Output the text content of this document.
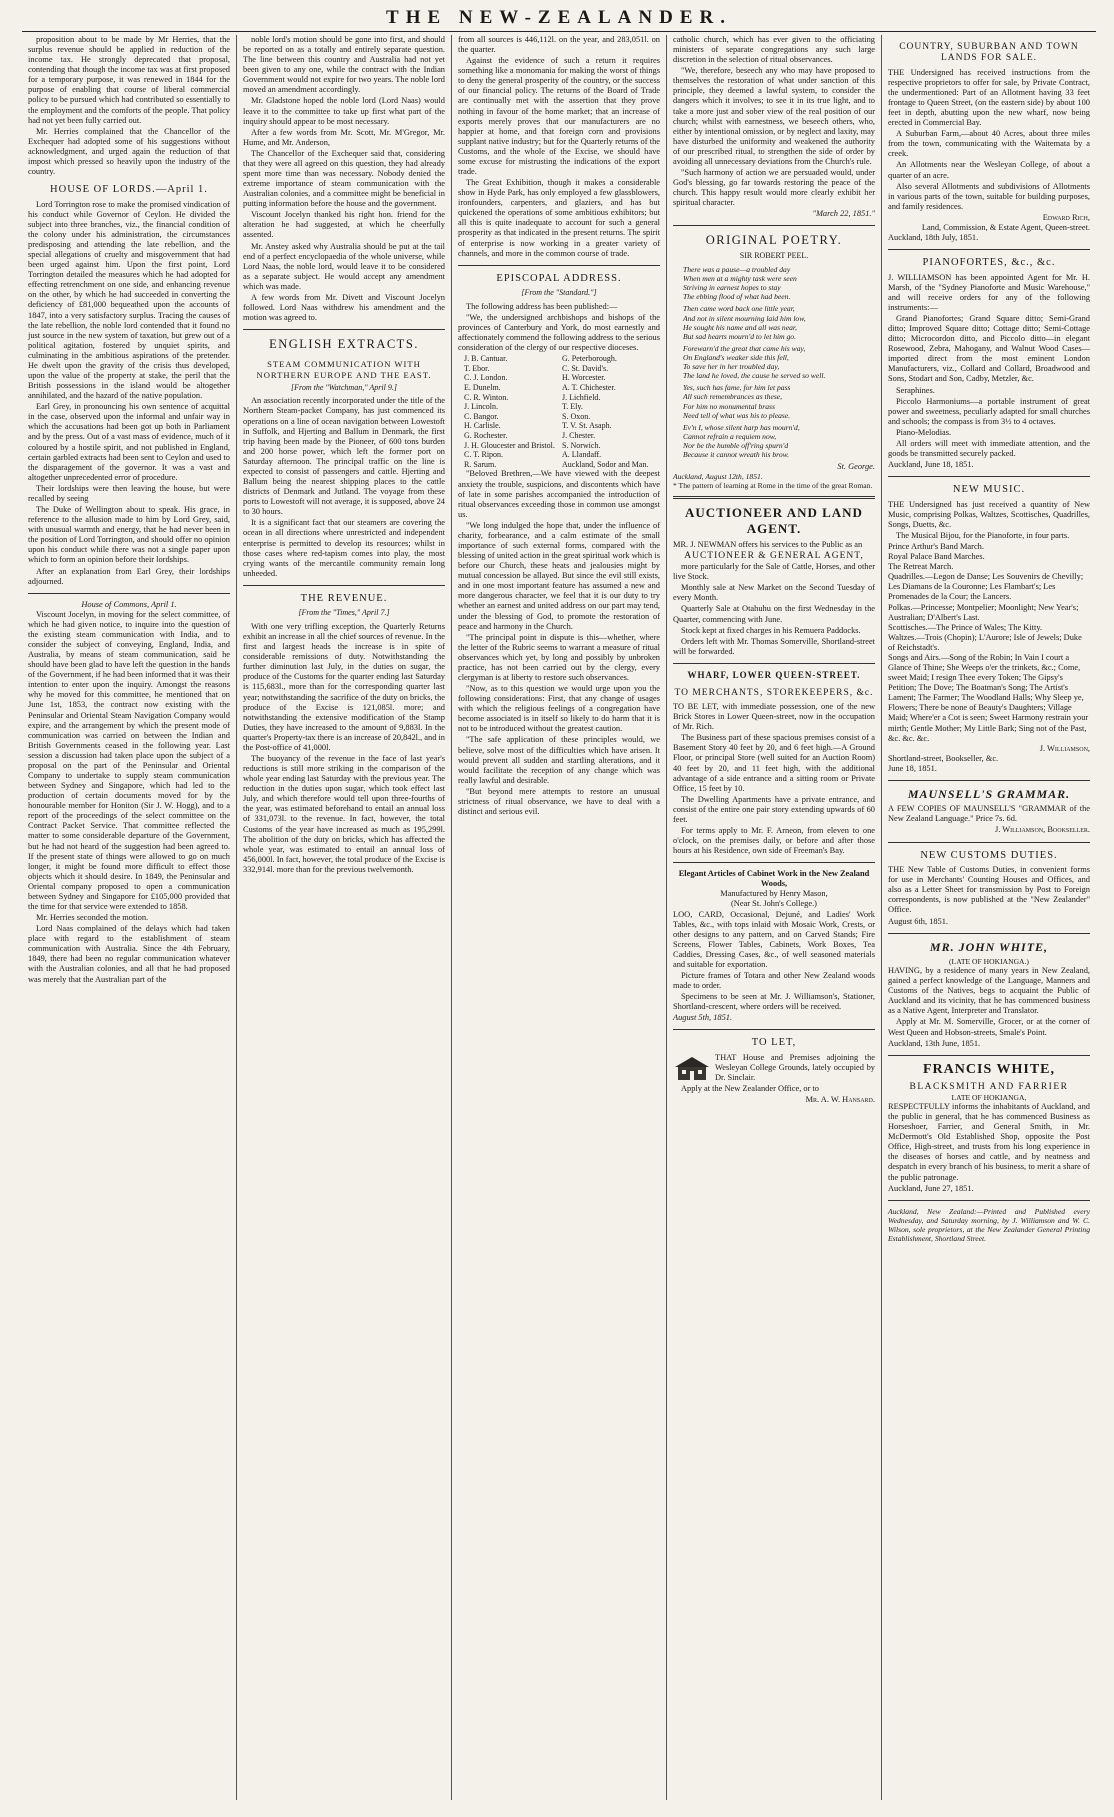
THE NEW-ZEALANDER.

proposition about to be made by Mr Herries, that the surplus revenue should be applied in reduction of the income tax. He strongly deprecated that proposal, contending that though the income tax was at first proposed for a temporary purpose, it was renewed in 1844 for the purpose of enabling that course of liberal commercial policy to be pursued which had contributed so essentially to the employment and the comforts of the people. That policy had not yet been fully carried out.

Mr. Herries complained that the Chancellor of the Exchequer had adopted some of his suggestions without acknowledgment, and urged again the reduction of that impost which pressed so heavily upon the industry of the country.

HOUSE OF LORDS.—April 1.

Lord Torrington rose to make the promised vindication of his conduct while Governor of Ceylon. He divided the subject into three branches, viz., the financial condition of the colony under his administration, the circumstances predisposing and attending the late rebellion, and the special allegations of cruelty and misgovernment that had been urged against him. Upon the first point, Lord Torrington detailed the measures which he had adopted for effecting retrenchment on one side, and enhancing revenue on the other, by which he had succeeded in converting the deficiency of £81,000 bequeathed upon the accounts of 1847, into a very satisfactory surplus. Tracing the causes of the late rebellion, the noble lord contended that it found no just source in the new system of taxation, but grew out of a political agitation, fostered by unquiet spirits, and culminating in the ambitious aspirations of the pretender. He dwelt upon the gravity of the crisis thus developed, upon the value of the property at stake, the peril that the British possessions in the island would be altogether annihilated, and the hazard of the native population.

Earl Grey, in pronouncing his own sentence of acquittal in the case, observed upon the informal and unfair way in which the accusations had been got up both in Parliament and by the press. Out of a vast mass of evidence, much of it coloured by a hostile spirit, and not published in England, certain garbled extracts had been sent to Ceylon and used to the disparagement of the governor. It was a vast and altogether unprecedented error of procedure.

Their lordships were then leaving the house, but were recalled by seeing

The Duke of Wellington about to speak. His grace, in reference to the allusion made to him by Lord Grey, said, with unusual warmth and energy, that he had never been in the position of Lord Torrington, and should offer no opinion upon his conduct while there was not a single paper upon which to form an opinion before their lordships.

After an explanation from Earl Grey, their lordships adjourned.

House of Commons, April 1.

Viscount Jocelyn, in moving for the select committee, of which he had given notice, to inquire into the question of the existing steam communication with India, and to consider the subject of conveying, England, India, and Australia, by means of steam communication, said he should have been glad to have left the question in the hands of the Government, if he had been informed that it was their intention to enter upon the inquiry. Amongst the reasons why he moved for this committee, he mentioned that on June 1st, 1853, the contract now existing with the Peninsular and Oriental Steam Navigation Company would expire, and the arrangement by which the present mode of communication was carried on between the Indian and British Governments ceased in the following year. Last session a discussion had taken place upon the subject of a proposal on the part of the Peninsular and Oriental Company to undertake to supply steam communication between Sydney and Singapore, which had led to the production of certain documents moved for by the honourable member for Honiton (Sir J. W. Hogg), and to a report of the proceedings of the select committee on the Contract Packet Service. That committee reflected the matter to some considerable departure of the Government, but he had not heard of the suggestion had been agreed to. If the present state of things were allowed to go on much longer, it might be found more difficult to effect those objects which it should desire. In 1849, the Peninsular and Oriental company proposed to open a communication between Sydney and Singapore for £105,000 provided that the time for that service were extended to 1858.

Mr. Herries seconded the motion.

Lord Naas complained of the delays which had taken place with regard to the establishment of steam communication with Australia. Since the 4th February, 1849, there had been no regular communication whatever with the Australian colonies, and all that he had proposed was merely that the Australian part of the

noble lord's motion should be gone into first, and should be reported on as a totally and entirely separate question. The line between this country and Australia had not yet been given to any one, while the contract with the Indian Government would not expire for two years. The noble lord moved an amendment accordingly.

Mr. Gladstone hoped the noble lord (Lord Naas) would leave it to the committee to take up first what part of the inquiry should appear to be most necessary.

After a few words from Mr. Scott, Mr. M'Gregor, Mr. Hume, and Mr. Anderson,

The Chancellor of the Exchequer said that, considering that they were all agreed on this question, they had already spent more time than was necessary. Nobody denied the extreme importance of steam communication with the Australian colonies, and a committee might be beneficial in putting information before the house and the government.

Viscount Jocelyn thanked his right hon. friend for the alteration he had suggested, at which he cheerfully assented.

Mr. Anstey asked why Australia should be put at the tail end of a perfect encyclopaedia of the whole universe, while Lord Naas, the noble lord, would leave it to be considered as a separate subject. He would accept any amendment which was made.

A few words from Mr. Divett and Viscount Jocelyn followed. Lord Naas withdrew his amendment and the motion was agreed to.

ENGLISH EXTRACTS.
STEAM COMMUNICATION WITH NORTHERN EUROPE AND THE EAST.
[From the "Watchman," April 9.]

An association recently incorporated under the title of the Northern Steam-packet Company, has just commenced its operations on a line of ocean navigation between Lowestoft in Suffolk, and Hjerting and Ballum in Denmark, the first trip having been made by the Pioneer, of 600 tons burden and 200 horse power, which left the former port on Saturday afternoon. The principal traffic on the line is expected to consist of passengers and cattle. Hjerting and Ballum being the nearest shipping places to the cattle districts of Denmark and Jutland. The voyage from these ports to Lowestoft will not average, it is supposed, above 24 to 30 hours.

It is a significant fact that our steamers are covering the ocean in all directions where unrestricted and independent enterprise is permitted to develop its resources; whilst in those cases where red-tapism comes into play, the most crying wants of the mercantile community remain long unheeded.

THE REVENUE.
[From the "Times," April 7.]

With one very trifling exception, the Quarterly Returns exhibit an increase in all the chief sources of revenue. In the first and largest heads the increase is in spite of considerable remissions of duty. Notwithstanding the further diminution last July, in the duties on sugar, the produce of the Customs for the quarter ending last Saturday is 115,683l., more than for the corresponding quarter last year; notwithstanding the sacrifice of the duty on bricks, the produce of the Excise is 121,085l. more; and notwithstanding the extensive modification of the Stamp Duties, they have increased to the amount of 9,883l. In the quarter's Property-tax there is an increase of 20,842l., and in the Post-office of 41,000l.

The buoyancy of the revenue in the face of last year's reductions is still more striking in the comparison of the whole year ending last Saturday with the previous year. The reduction in the duties upon sugar, which took effect last July, and which therefore would tell upon three-fourths of the year, was estimated beforehand to entail an annual loss of 331,073l. to the revenue. In fact, however, the total Customs of the year have increased as much as 195,299l. The abolition of the duty on bricks, which has affected the whole year, was estimated to entail an annual loss of 456,000l. In fact, however, the total produce of the Excise is 332,914l. more than for the previous twelvemonth.

from all sources is 446,112l. on the year, and 283,051l. on the quarter.

Against the evidence of such a return it requires something like a monomania for making the worst of things to deny the general prosperity of the country, or the success of our financial policy. The returns of the Board of Trade are continually met with the assertion that they prove nothing in favour of the home market; that an increase of exports merely proves that our manufacturers are no happier at home, and that foreign corn and provisions supplant native industry; but for the Quarterly returns of the Customs, and the whole of the Excise, we should have some excuse for mistrusting the indications of the export trade.

The Great Exhibition, though it makes a considerable show in Hyde Park, has only employed a few glassblowers, ironfounders, carpenters, and glaziers, and has but quickened the operations of some ambitious exhibitors; but all this is quite inadequate to account for such a general prosperity as that indicated in the present returns. The spirit of enterprise is now working in a greater variety of channels, and more in the common course of trade.

EPISCOPAL ADDRESS.
[From the "Standard."]

The following address has been published:—

"We, the undersigned archbishops and bishops of the provinces of Canterbury and York, do most earnestly and affectionately commend the following address to the serious consideration of the clergy of our respective dioceses.

J. B. Cantuar.
T. Ebor.
C. J. London.
E. Dunelm.
C. R. Winton.
J. Lincoln.
C. Bangor.
H. Carlisle.
G. Rochester.
J. H. Gloucester and Bristol.
C. T. Ripon.
R. Sarum.
G. Peterborough.
C. St. David's.
H. Worcester.
A. T. Chichester.
J. Lichfield.
T. Ely.
S. Oxon.
T. V. St. Asaph.
J. Chester.
S. Norwich.
A. Llandaff.
Auckland, Sodor and Man.

"Beloved Brethren,—We have viewed with the deepest anxiety the trouble, suspicions, and discontents which have of late in some parishes accompanied the introduction of ritual observances exceeding those in common use amongst us.

"We long indulged the hope that, under the influence of charity, forbearance, and a calm estimate of the small importance of such external forms, compared with the blessing of united action in the great spiritual work which is before our Church, these heats and jealousies might by mutual concession be allayed. But since the evil still exists, and in one most important feature has assumed a new and more dangerous character, we feel that it is our duty to try whether an earnest and united address on our part may tend, under the blessing of God, to promote the restoration of peace and harmony in the Church.

"The principal point in dispute is this—whether, where the letter of the Rubric seems to warrant a measure of ritual observances which yet, by long and possibly by unbroken practice, has not been carried out by the clergy, every clergyman is at liberty to restore such observances.

"Now, as to this question we would urge upon you the following considerations: First, that any change of usages with which the religious feelings of a congregation have become associated is in itself so likely to do harm that it is not to be introduced without the greatest caution.

"The safe application of these principles would, we believe, solve most of the difficulties which have arisen. It would prevent all sudden and startling alterations, and it would facilitate the reception of any change which was really lawful and desirable.

"But beyond mere attempts to restore an unusual strictness of ritual observance, we have to deal with a distinct and serious evil.

catholic church, which has ever given to the officiating ministers of separate congregations any such large discretion in the selection of ritual observances.

"We, therefore, beseech any who may have proposed to themselves the restoration of what under sanction of this principle, they deemed a lawful system, to consider the dangers which it involves; to see it in its true light, and to take a more just and sober view of the real position of our church; whilst with earnestness, we beseech others, who, either by intentional omission, or by neglect and laxity, may have disturbed the uniformity and weakened the authority of our prescribed ritual, to strengthen the side of order by avoiding all unnecessary deviations from the Church's rule.

"Such harmony of action we are persuaded would, under God's blessing, go far towards restoring the peace of the church. This happy result would more clearly exhibit her spiritual character.

"March 22, 1851."
ORIGINAL POETRY.
SIR ROBERT PEEL.
There was a pause—a troubled day
When men at a mighty task were seen
Striving in earnest hopes to stay
The ebbing flood of what had been.
Then came word back one little year,
And not in silent mourning laid him low,
He sought his name and all was near,
But sad hearts mourn'd to let him go.
Forewarn'd the great that came his way,
On England's weaker side this fell,
To save her in her troubled day,
The land he loved, the cause he served so well.
Yes, such has fame, for him let pass
All such remembrances as these,
For him no monumental brass
Need tell of what was his to please.
Ev'n I, whose silent harp has mourn'd,
Cannot refrain a requiem now,
Nor be the humble off'ring spurn'd
Because it cannot wreath his brow.
St. George.
Auckland, August 12th, 1851.
* The pattern of learning at Rome in the time of the great Roman.
AUCTIONEER AND LAND AGENT.

MR. J. NEWMAN offers his services to the Public as an

AUCTIONEER & GENERAL AGENT,

more particularly for the Sale of Cattle, Horses, and other live Stock.

Monthly sale at New Market on the Second Tuesday of every Month.

Quarterly Sale at Otahuhu on the first Wednesday in the Quarter, commencing with June.

Stock kept at fixed charges in his Remuera Paddocks.

Orders left with Mr. Thomas Somerville, Shortland-street will be forwarded.

WHARF, LOWER QUEEN-STREET.
TO MERCHANTS, STOREKEEPERS, &c.

TO BE LET, with immediate possession, one of the new Brick Stores in Lower Queen-street, now in the occupation of Mr. Rich.

The Business part of these spacious premises consist of a Basement Story 40 feet by 20, and 6 feet high.—A Ground Floor, or principal Store (well suited for an Auction Room) 40 feet by 20, and 11 feet high, with the additional advantage of a side entrance and a sitting room or Private Office, 15 feet by 10.

The Dwelling Apartments have a private entrance, and consist of the entire one pair story extending upwards of 60 feet.

For terms apply to Mr. F. Arneon, from eleven to one o'clock, on the premises daily, or before and after those hours at his Residence, own side of Freeman's Bay.

Elegant Articles of Cabinet Work in the New Zealand Woods,
Manufactured by Henry Mason,
(Near St. John's College.)

LOO, CARD, Occasional, Dejuné, and Ladies' Work Tables, &c., with tops inlaid with Mosaic Work, Crests, or other designs to any pattern, and on Carved Stands; Fire Screens, Flower Tables, Cabinets, Work Boxes, Tea Caddies, Dressing Cases, &c., of well seasoned materials and suitable for exportation.

Picture frames of Totara and other New Zealand woods made to order.

Specimens to be seen at Mr. J. Williamson's, Stationer, Shortland-crescent, where orders will be received.

August 5th, 1851.
TO LET,

THAT House and Premises adjoining the Wesleyan College Grounds, lately occupied by Dr. Sinclair.

Apply at the New Zealander Office, or to

Mr. A. W. Hansard.
COUNTRY, SUBURBAN AND TOWN LANDS FOR SALE.

THE Undersigned has received instructions from the respective proprietors to offer for sale, by Private Contract, the undermentioned: Part of an Allotment having 33 feet frontage to Queen Street, (on the eastern side) by about 100 feet in depth, abutting upon the new wharf, now being erected in Commercial Bay.

A Suburban Farm,—about 40 Acres, about three miles from the town, communicating with the Waitemata by a creek.

An Allotments near the Wesleyan College, of about a quarter of an acre.

Also several Allotments and subdivisions of Allotments in various parts of the town, suitable for building purposes, and family residences.

Edward Rich,
Land, Commission, & Estate Agent, Queen-street.
Auckland, 18th July, 1851.
PIANOFORTES, &c., &c.

J. WILLIAMSON has been appointed Agent for Mr. H. Marsh, of the "Sydney Pianoforte and Music Warehouse," and will receive orders for any of the following instruments:—

Grand Pianofortes; Grand Square ditto; Semi-Grand ditto; Improved Square ditto; Cottage ditto; Semi-Cottage ditto; Microcordon ditto, and Piccolo ditto—in elegant Rosewood, Zebra, Mahogany, and Walnut Wood Cases—imported direct from the most eminent London Manufacturers, viz., Collard and Collard, Broadwood and Sons, Stodart and Son, Cadby, Metzler, &c.

Seraphines.

Piccolo Harmoniums—a portable instrument of great power and sweetness, peculiarly adapted for small churches and schools; the compass is from 3½ to 4 octaves.

Piano-Melodias.

All orders will meet with immediate attention, and the goods be transmitted securely packed.

Auckland, June 18, 1851.
NEW MUSIC.

THE Undersigned has just received a quantity of New Music, comprising Polkas, Waltzes, Scottisches, Quadrilles, Songs, Duetts, &c.

The Musical Bijou, for the Pianoforte, in four parts.

Prince Arthur's Band March.
Royal Palace Band Marches.
The Retreat March.
Quadrilles.—Legon de Danse; Les Souvenirs de Chevilly; Les Diamans de la Couronne; Les Flambart's; Les Promenades de la Cour; the Lancers.
Polkas.—Princesse; Montpelier; Moonlight; New Year's; Australian; D'Albert's Last.
Scottisches.—The Prince of Wales; The Kitty.
Waltzes.—Trois (Chopin); L'Aurore; Isle of Jewels; Duke of Reichstadt's.
Songs and Airs.—Song of the Robin; In Vain I court a Glance of Thine; She Weeps o'er the trinkets, &c.; Come, sweet Maid; I resign Thee every Token; The Gipsy's Petition; The Dove; The Boatman's Song; The Artist's Lament; The Farmer; The Woodland Halls; Why Sleep ye, Flowers; There be none of Beauty's Daughters; Village Maid; Where'er a Cot is seen; Sweet Harmony restrain your mirth; Gentle Mother; My Little Bark; Sing not of the Past, &c. &c. &c.
J. Williamson,
Shortland-street, Bookseller, &c.
June 18, 1851.
MAUNSELL'S GRAMMAR.

A FEW COPIES OF MAUNSELL'S "GRAMMAR of the New Zealand Language." Price 7s. 6d.

J. Williamson, Bookseller.
NEW CUSTOMS DUTIES.

THE New Table of Customs Duties, in convenient forms for use in Merchants' Counting Houses and Offices, and also as a Letter Sheet for transmission by Post to Foreign correspondents, is now published at the "New Zealander" Office.

August 6th, 1851.
MR. JOHN WHITE,
(LATE OF HOKIANGA.)

HAVING, by a residence of many years in New Zealand, gained a perfect knowledge of the Language, Manners and Customs of the Natives, begs to acquaint the Public of Auckland and its vicinity, that he has commenced business as a Native Agent, Interpreter and Translator.

Apply at Mr. M. Somerville, Grocer, or at the corner of West Queen and Hobson-streets, Smale's Point.

Auckland, 13th June, 1851.
FRANCIS WHITE,
BLACKSMITH AND FARRIER
LATE OF HOKIANGA,

RESPECTFULLY informs the inhabitants of Auckland, and the public in general, that he has commenced Business as Horseshoer, Farrier, and General Smith, in Mr. McDermott's Old Established Shop, opposite the Post Office, High-street, and trusts from his long experience in the diseases of horses and cattle, and by neatness and despatch in every branch of his business, to merit a share of the public patronage.

Auckland, June 27, 1851.

Auckland, New Zealand:—Printed and Published every Wednesday, and Saturday morning, by J. Williamson and W. C. Wilson, sole proprietors, at the New Zealander General Printing Establishment, Shortland Street.
